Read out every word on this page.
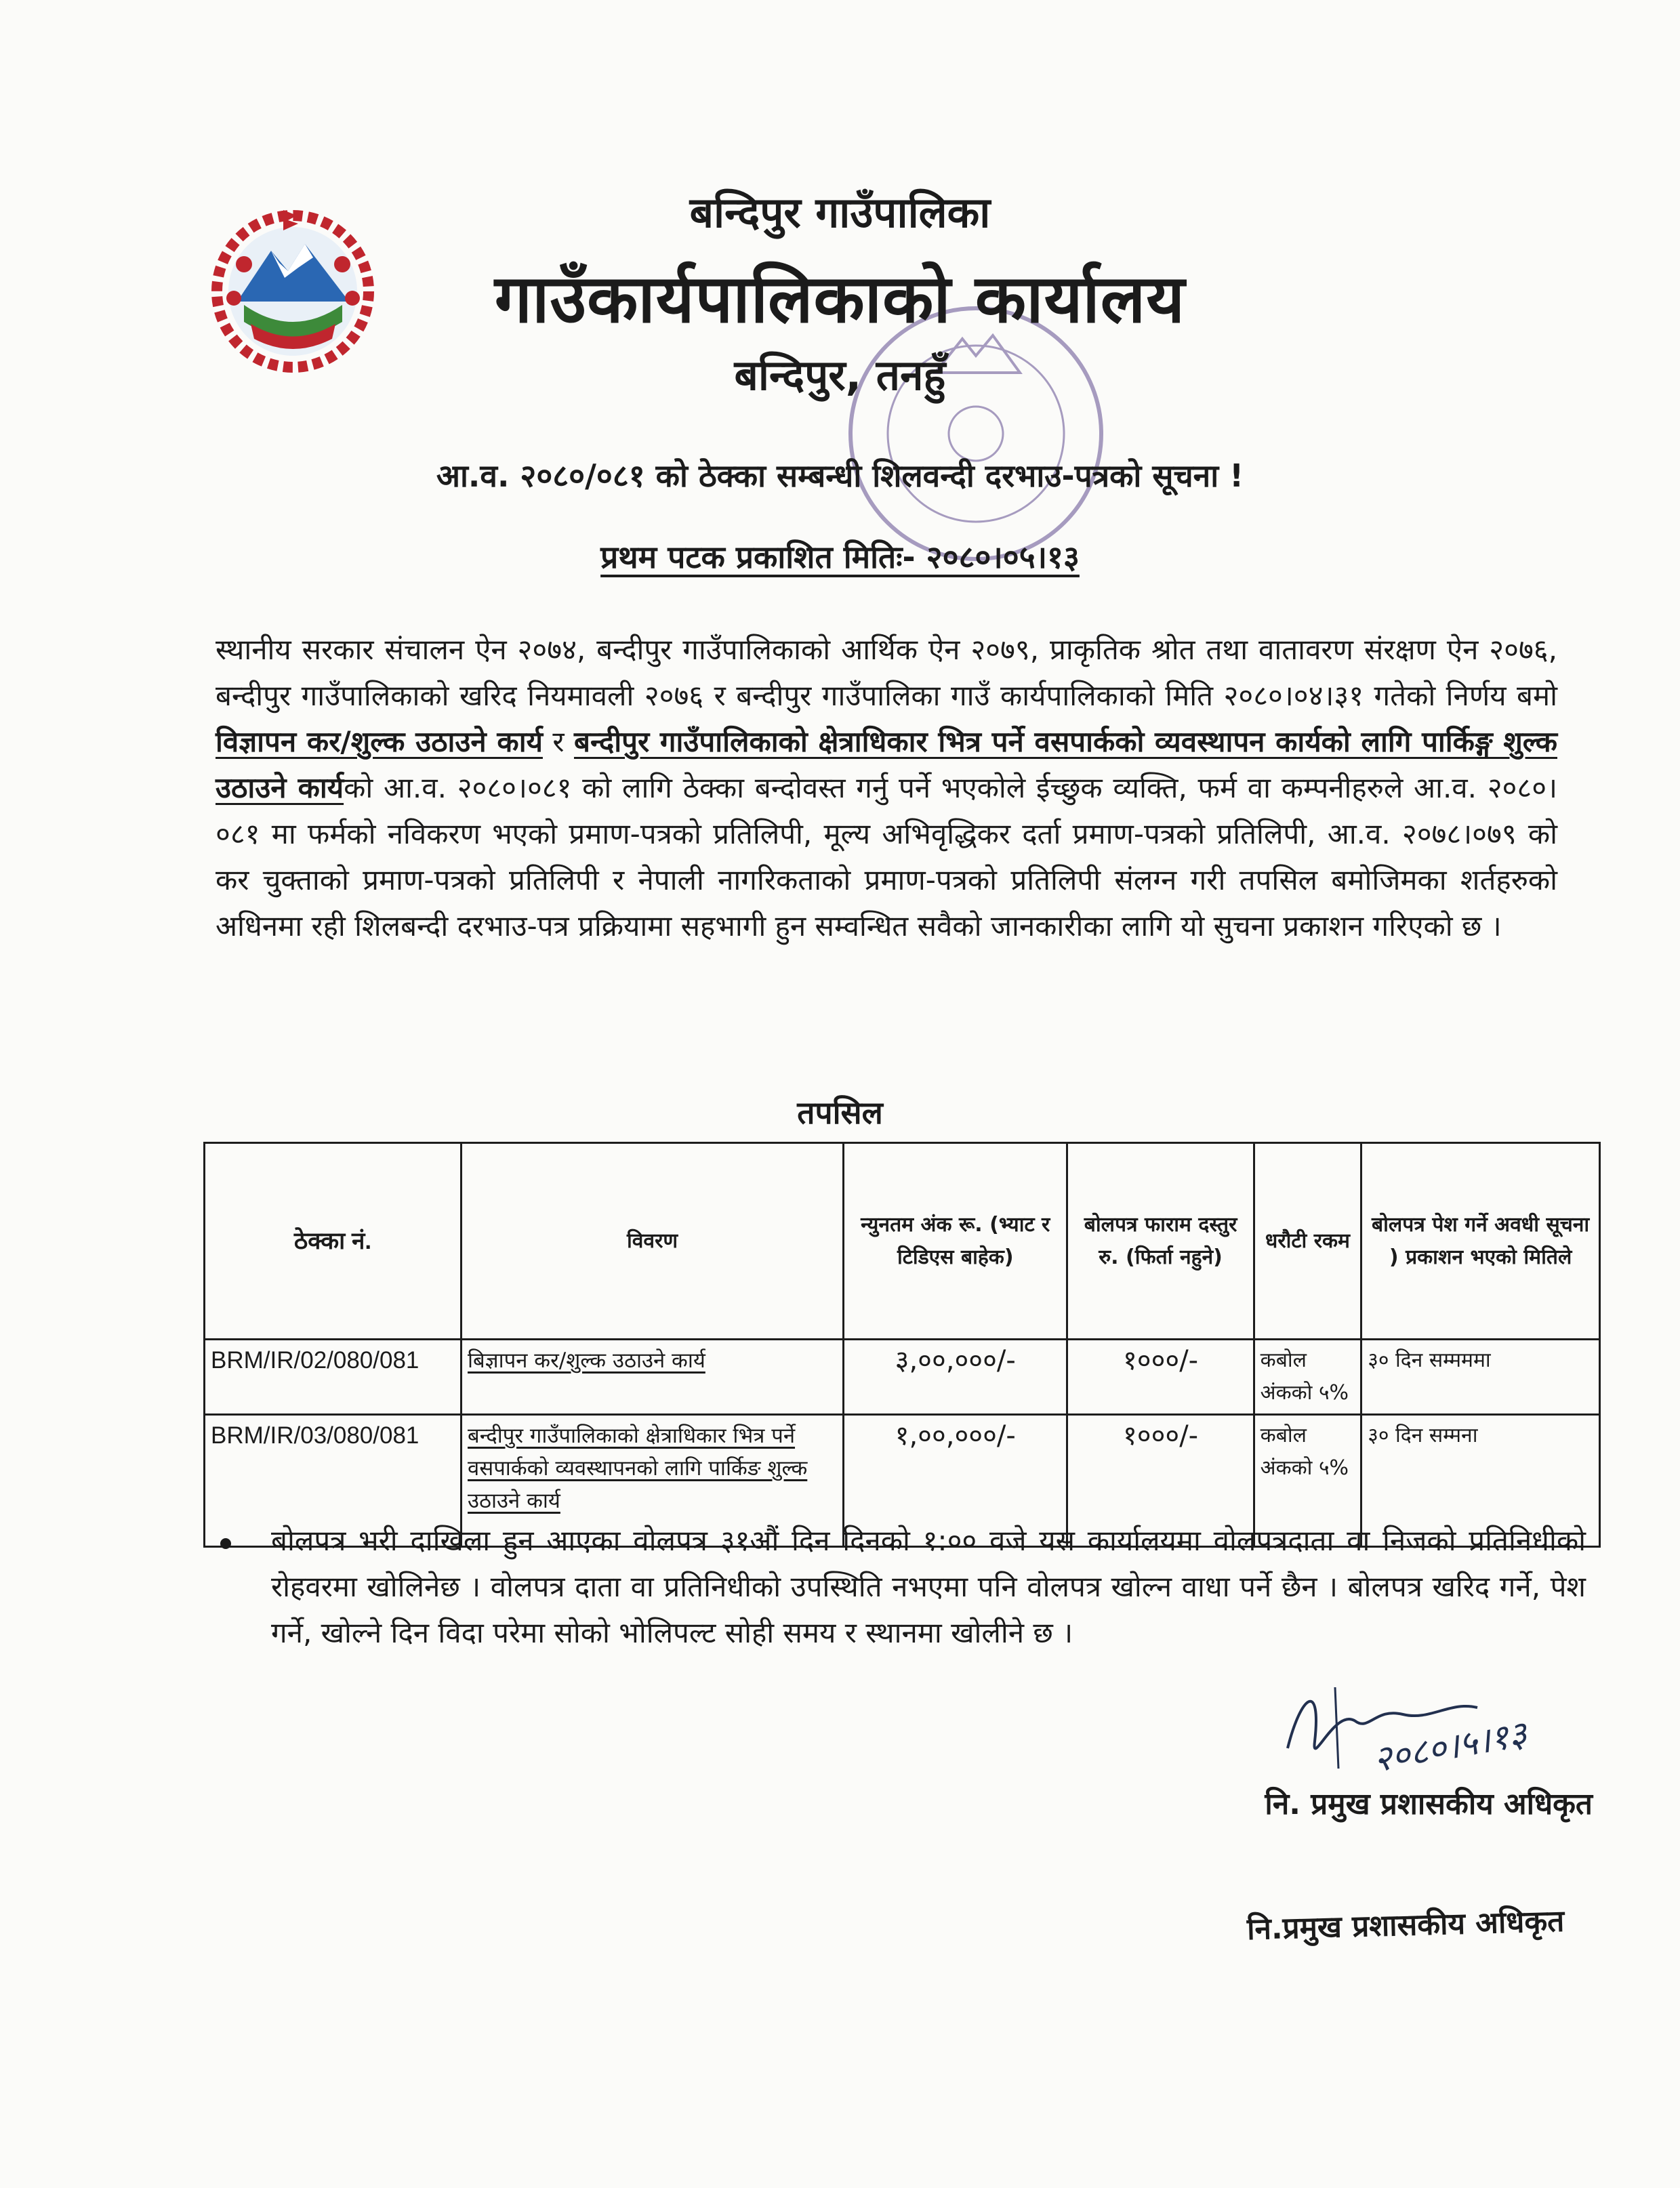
बन्दिपुर गाउँपालिका
गाउँकार्यपालिकाको कार्यालय
बन्दिपुर, तनहुँ
आ.व. २०८०/०८१ को ठेक्का सम्बन्धी शिलवन्दी दरभाउ-पत्रको सूचना !
प्रथम पटक प्रकाशित मितिः- २०८०।०५।१३
स्थानीय सरकार संचालन ऐन २०७४, बन्दीपुर गाउँपालिकाको आर्थिक ऐन २०७९, प्राकृतिक श्रोत तथा वातावरण संरक्षण ऐन २०७६, बन्दीपुर गाउँपालिकाको खरिद नियमावली २०७६ र बन्दीपुर गाउँपालिका गाउँ कार्यपालिकाको मिति २०८०।०४।३१ गतेको निर्णय बमो विज्ञापन कर/शुल्क उठाउने कार्य र बन्दीपुर गाउँपालिकाको क्षेत्राधिकार भित्र पर्ने वसपार्कको व्यवस्थापन कार्यको लागि पार्किङ्ग शुल्क उठाउने कार्यको आ.व. २०८०।०८१ को लागि ठेक्का बन्दोवस्त गर्नु पर्ने भएकोले ईच्छुक व्यक्ति, फर्म वा कम्पनीहरुले आ.व. २०८०।०८१ मा फर्मको नविकरण भएको प्रमाण-पत्रको प्रतिलिपी, मूल्य अभिवृद्धिकर दर्ता प्रमाण-पत्रको प्रतिलिपी, आ.व. २०७८।०७९ को कर चुक्ताको प्रमाण-पत्रको प्रतिलिपी र नेपाली नागरिकताको प्रमाण-पत्रको प्रतिलिपी संलग्न गरी तपसिल बमोजिमका शर्तहरुको अधिनमा रही शिलबन्दी दरभाउ-पत्र प्रक्रियामा सहभागी हुन सम्वन्धित सवैको जानकारीका लागि यो सुचना प्रकाशन गरिएको छ ।
तपसिल
ठेक्का नं.	विवरण	न्युनतम अंक रू. (भ्याट र टिडिएस बाहेक)	बोलपत्र फाराम दस्तुर रु. (फिर्ता नहुने)	धरौटी रकम	बोलपत्र पेश गर्ने अवधी सूचना ) प्रकाशन भएको मितिले
BRM/IR/02/080/081	बिज्ञापन कर/शुल्क उठाउने कार्य	३,००,०००/-	१०००/-	कबोल अंकको ५%	३० दिन सम्मममा
BRM/IR/03/080/081	बन्दीपुर गाउँपालिकाको क्षेत्राधिकार भित्र पर्ने वसपार्कको व्यवस्थापनको लागि पार्किङ शुल्क उठाउने कार्य	१,००,०००/-	१०००/-	कबोल अंकको ५%	३० दिन सम्मना
बोलपत्र भरी दाखिला हुन आएका वोलपत्र ३१औं दिन दिनको १:०० वजे यस कार्यालयमा वोलपत्रदाता वा निजको प्रतिनिधीको रोहवरमा खोलिनेछ । वोलपत्र दाता वा प्रतिनिधीको उपस्थिति नभएमा पनि वोलपत्र खोल्न वाधा पर्ने छैन । बोलपत्र खरिद गर्ने, पेश गर्ने, खोल्ने दिन विदा परेमा सोको भोलिपल्ट सोही समय र स्थानमा खोलीने छ ।
२०८०।५।१३
नि. प्रमुख प्रशासकीय अधिकृत
नि.प्रमुख प्रशासकीय अधिकृत
